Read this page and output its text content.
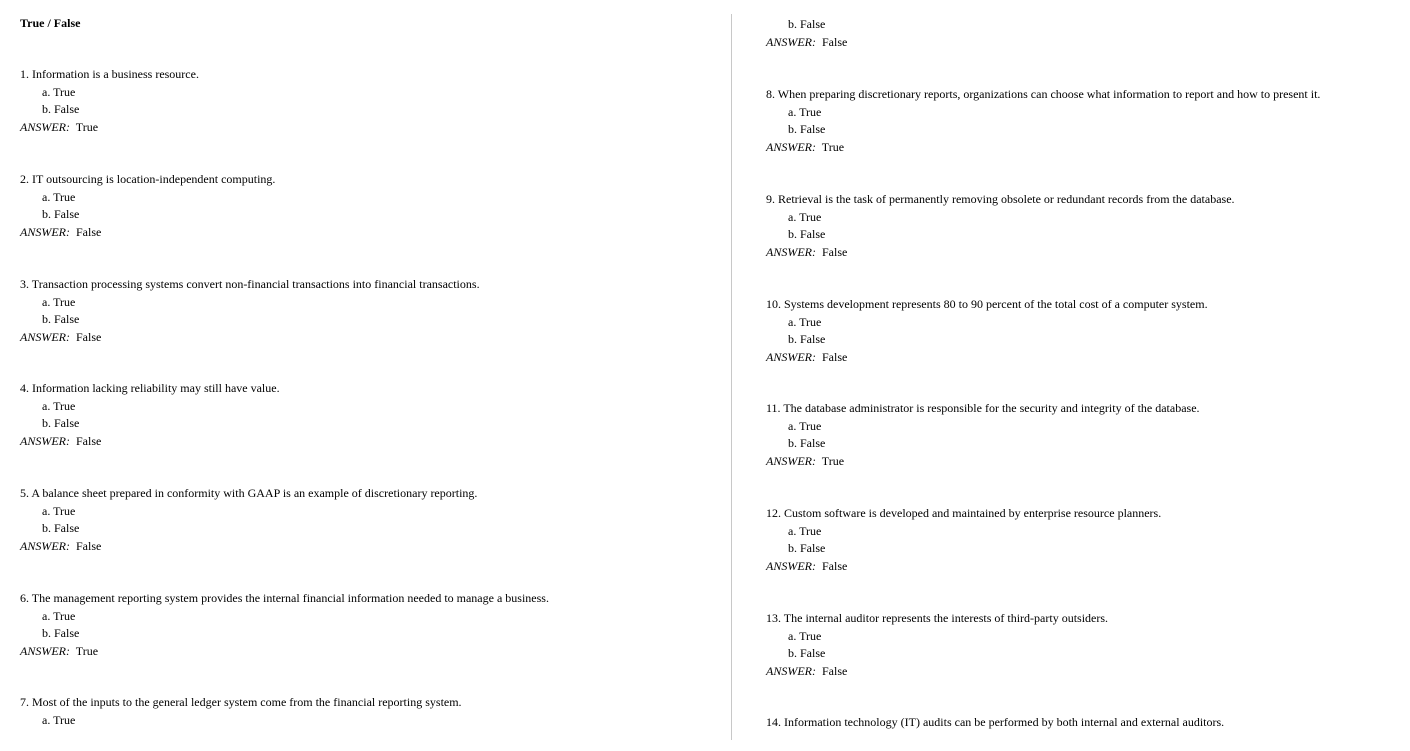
True / False
1. Information is a business resource.
a. True
b. False
ANSWER: True
2. IT outsourcing is location-independent computing.
a. True
b. False
ANSWER: False
3. Transaction processing systems convert non-financial transactions into financial transactions.
a. True
b. False
ANSWER: False
4. Information lacking reliability may still have value.
a. True
b. False
ANSWER: False
5. A balance sheet prepared in conformity with GAAP is an example of discretionary reporting.
a. True
b. False
ANSWER: False
6. The management reporting system provides the internal financial information needed to manage a business.
a. True
b. False
ANSWER: True
7. Most of the inputs to the general ledger system come from the financial reporting system.
a. True
b. False
ANSWER: False
8. When preparing discretionary reports, organizations can choose what information to report and how to present it.
a. True
b. False
ANSWER: True
9. Retrieval is the task of permanently removing obsolete or redundant records from the database.
a. True
b. False
ANSWER: False
10. Systems development represents 80 to 90 percent of the total cost of a computer system.
a. True
b. False
ANSWER: False
11. The database administrator is responsible for the security and integrity of the database.
a. True
b. False
ANSWER: True
12. Custom software is developed and maintained by enterprise resource planners.
a. True
b. False
ANSWER: False
13. The internal auditor represents the interests of third-party outsiders.
a. True
b. False
ANSWER: False
14. Information technology (IT) audits can be performed by both internal and external auditors.
